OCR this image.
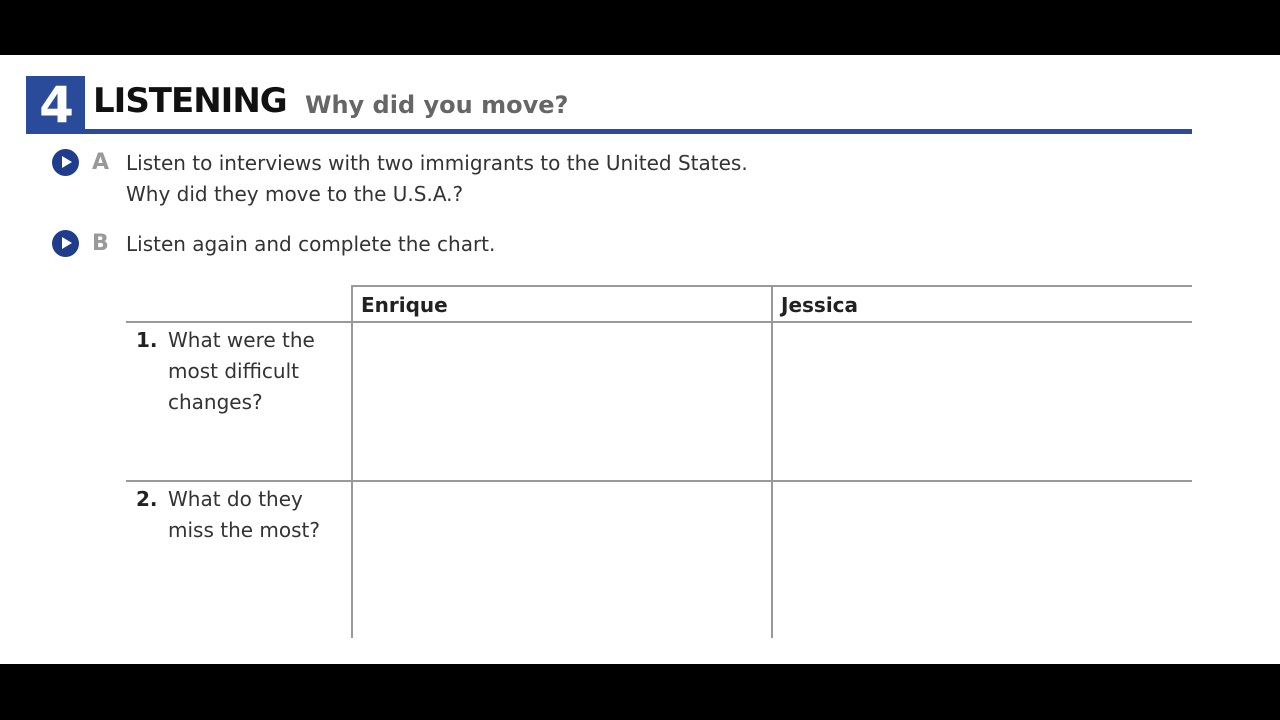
4 LISTENING Why did you move?
A Listen to interviews with two immigrants to the United States.
Why did they move to the U.S.A.?
B Listen again and complete the chart.
Enrique	Jessica
1. What were the
most difficult
changes?
2. What do they
miss the most?
